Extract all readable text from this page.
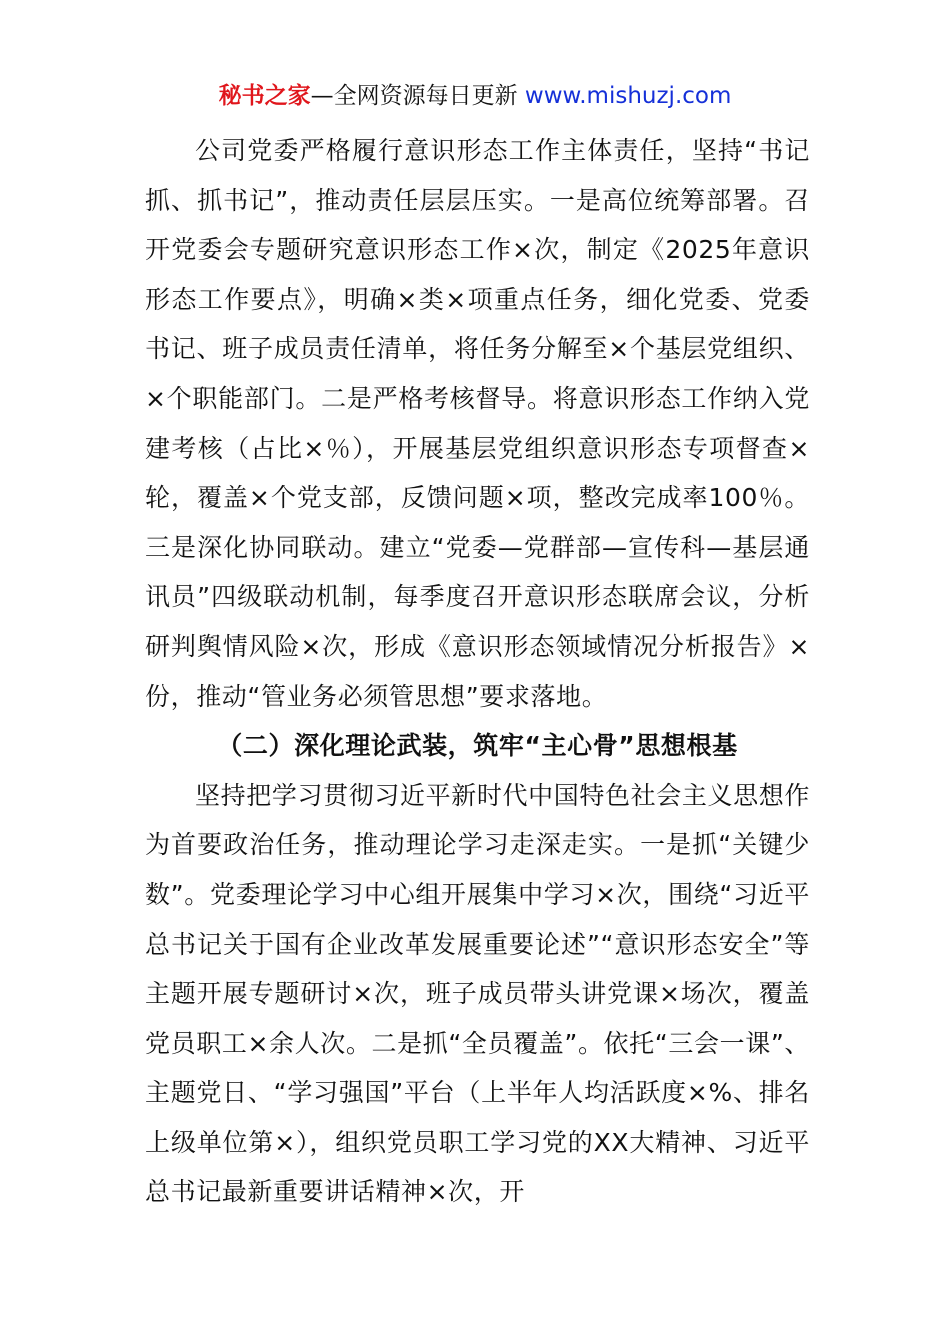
秘书之家—全网资源每日更新 www.mishuzj.com

公司党委严格履行意识形态工作主体责任，坚持“书记抓、抓书记”，推动责任层层压实。一是高位统筹部署。召开党委会专题研究意识形态工作×次，制定《2025年意识形态工作要点》，明确×类×项重点任务，细化党委、党委书记、班子成员责任清单，将任务分解至×个基层党组织、×个职能部门。二是严格考核督导。将意识形态工作纳入党建考核（占比×％），开展基层党组织意识形态专项督查×轮，覆盖×个党支部，反馈问题×项，整改完成率100％。三是深化协同联动。建立“党委—党群部—宣传科—基层通讯员”四级联动机制，每季度召开意识形态联席会议，分析研判舆情风险×次，形成《意识形态领域情况分析报告》×份，推动“管业务必须管思想”要求落地。

（二）深化理论武装，筑牢“主心骨”思想根基

坚持把学习贯彻习近平新时代中国特色社会主义思想作为首要政治任务，推动理论学习走深走实。一是抓“关键少数”。党委理论学习中心组开展集中学习×次，围绕“习近平总书记关于国有企业改革发展重要论述”“意识形态安全”等主题开展专题研讨×次，班子成员带头讲党课×场次，覆盖党员职工×余人次。二是抓“全员覆盖”。依托“三会一课”、主题党日、“学习强国”平台（上半年人均活跃度×%、排名上级单位第×），组织党员职工学习党的XX大精神、习近平总书记最新重要讲话精神×次，开
